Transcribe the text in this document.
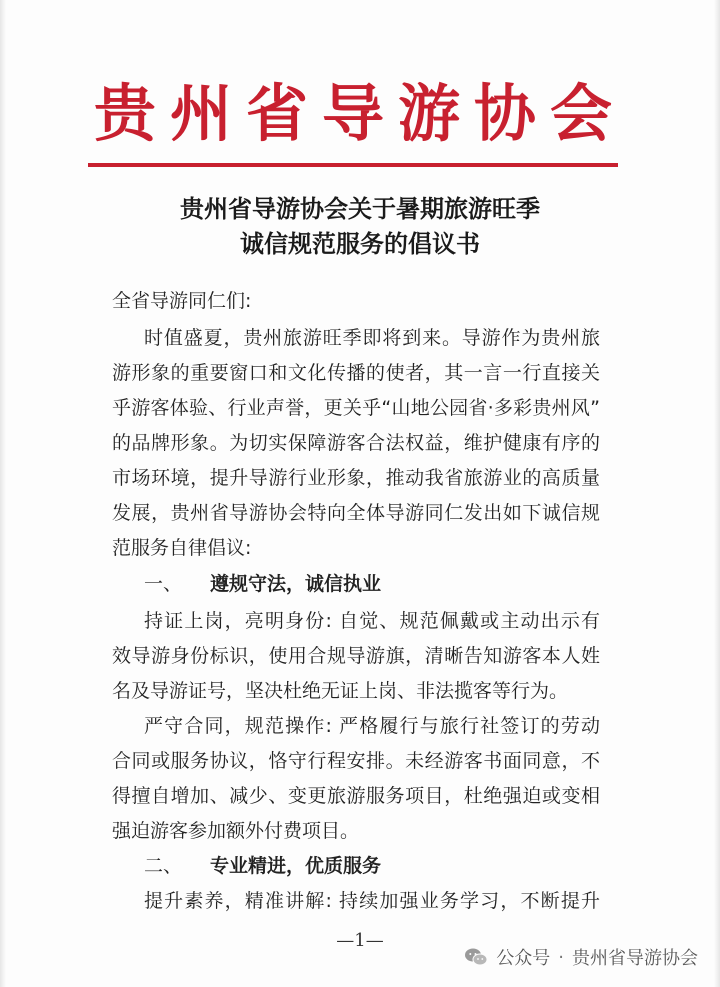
贵州省导游协会
贵州省导游协会关于暑期旅游旺季
诚信规范服务的倡议书
全省导游同仁们:
时值盛夏，贵州旅游旺季即将到来。导游作为贵州旅
游形象的重要窗口和文化传播的使者，其一言一行直接关
乎游客体验、行业声誉，更关乎“山地公园省·多彩贵州风”
的品牌形象。为切实保障游客合法权益，维护健康有序的
市场环境，提升导游行业形象，推动我省旅游业的高质量
发展，贵州省导游协会特向全体导游同仁发出如下诚信规
范服务自律倡议:
一、 遵规守法，诚信执业
持证上岗，亮明身份: 自觉、规范佩戴或主动出示有
效导游身份标识，使用合规导游旗，清晰告知游客本人姓
名及导游证号，坚决杜绝无证上岗、非法揽客等行为。
严守合同，规范操作: 严格履行与旅行社签订的劳动
合同或服务协议，恪守行程安排。未经游客书面同意，不
得擅自增加、减少、变更旅游服务项目，杜绝强迫或变相
强迫游客参加额外付费项目。
二、 专业精进，优质服务
提升素养，精准讲解: 持续加强业务学习，不断提升
—1—
公众号 · 贵州省导游协会
